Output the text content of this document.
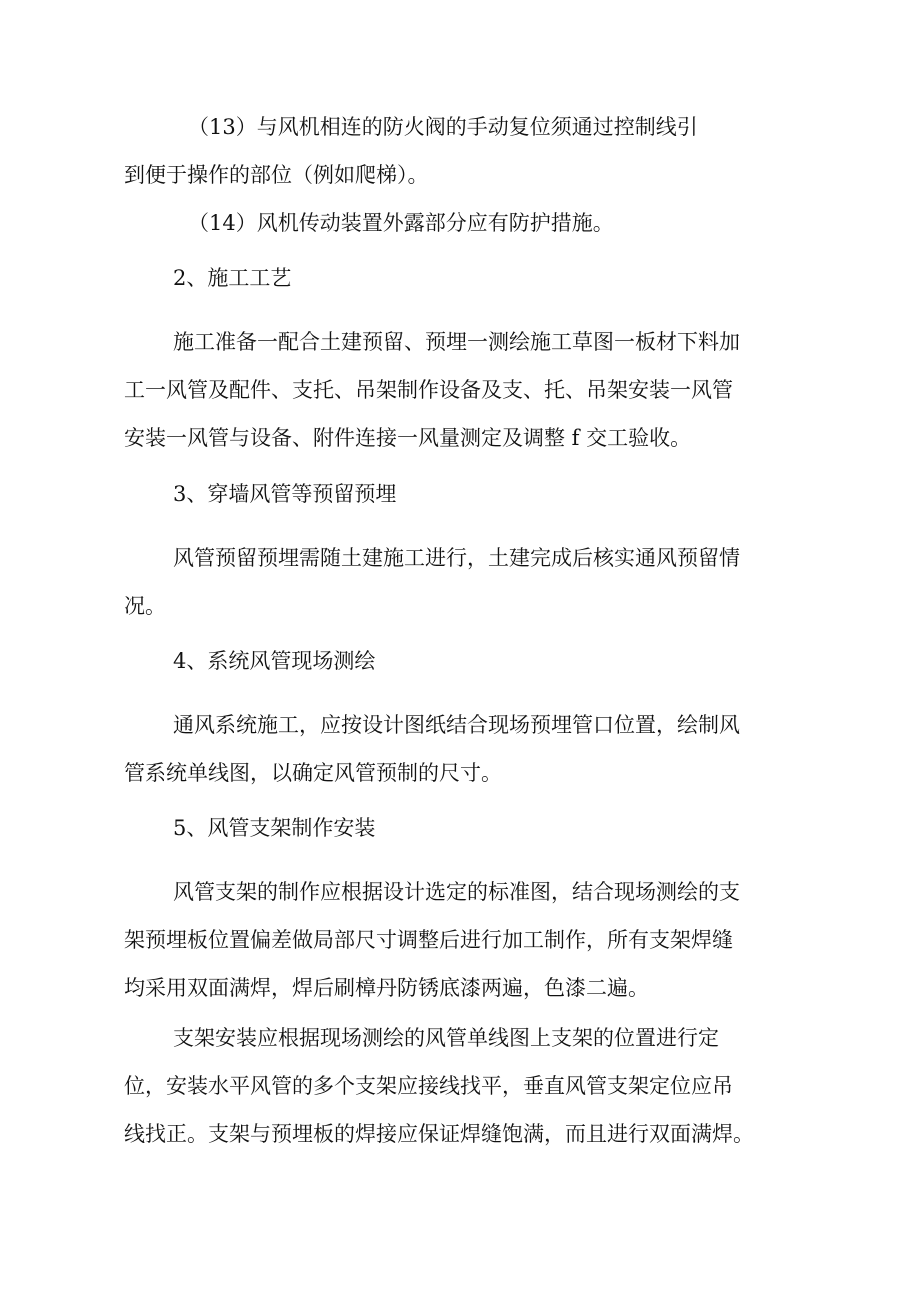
（13）与风机相连的防火阀的手动复位须通过控制线引

到便于操作的部位（例如爬梯）。

（14）风机传动装置外露部分应有防护措施。

2、施工工艺

施工准备一配合土建预留、预埋一测绘施工草图一板材下料加

工一风管及配件、支托、吊架制作设备及支、托、吊架安装一风管

安装一风管与设备、附件连接一风量测定及调整 f 交工验收。

3、穿墙风管等预留预埋

风管预留预埋需随土建施工进行，土建完成后核实通风预留情

况。

4、系统风管现场测绘

通风系统施工，应按设计图纸结合现场预埋管口位置，绘制风

管系统单线图，以确定风管预制的尺寸。

5、风管支架制作安装

风管支架的制作应根据设计选定的标准图，结合现场测绘的支

架预埋板位置偏差做局部尺寸调整后进行加工制作，所有支架焊缝

均采用双面满焊，焊后刷樟丹防锈底漆两遍，色漆二遍。

支架安装应根据现场测绘的风管单线图上支架的位置进行定

位，安装水平风管的多个支架应接线找平，垂直风管支架定位应吊

线找正。支架与预埋板的焊接应保证焊缝饱满，而且进行双面满焊。
